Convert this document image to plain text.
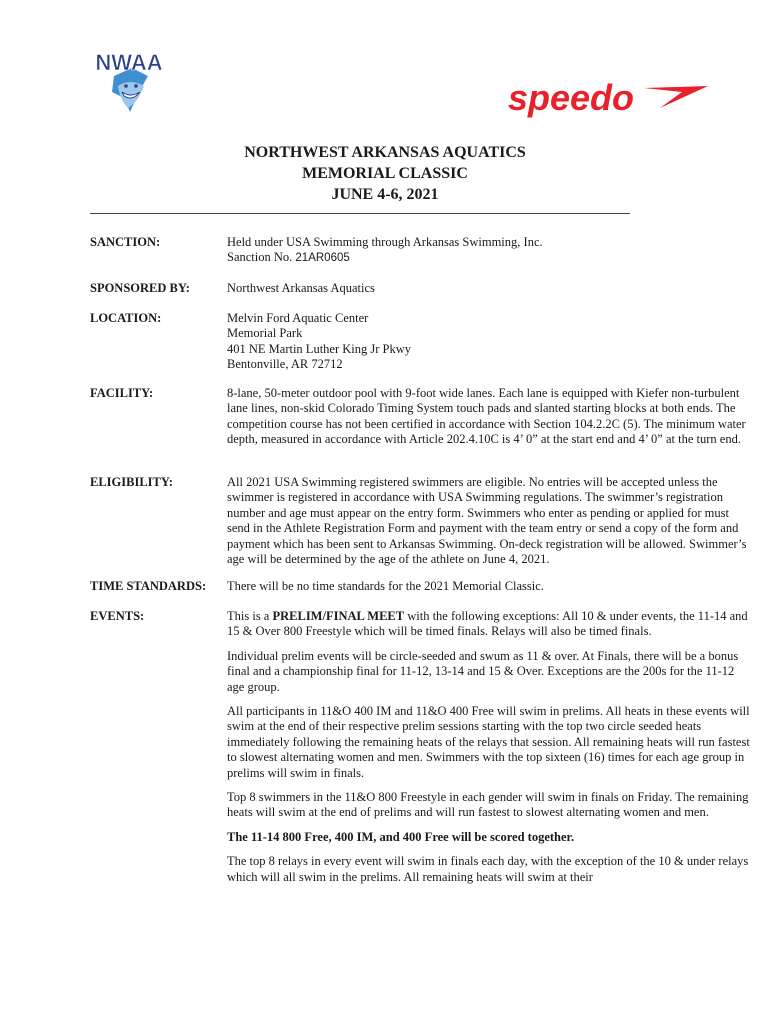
NWAA
speedo
NORTHWEST ARKANSAS AQUATICS
MEMORIAL CLASSIC
JUNE 4-6, 2021
SANCTION:	Held under USA Swimming through Arkansas Swimming, Inc.
Sanction No. 21AR0605
SPONSORED BY:	Northwest Arkansas Aquatics
LOCATION:	Melvin Ford Aquatic Center
Memorial Park
401 NE Martin Luther King Jr Pkwy
Bentonville, AR 72712
FACILITY:	8-lane, 50-meter outdoor pool with 9-foot wide lanes. Each lane is equipped with Kiefer non-turbulent lane lines, non-skid Colorado Timing System touch pads and slanted starting blocks at both ends. The competition course has not been certified in accordance with Section 104.2.2C (5). The minimum water depth, measured in accordance with Article 202.4.10C is 4’ 0” at the start end and 4’ 0” at the turn end.
ELIGIBILITY:	All 2021 USA Swimming registered swimmers are eligible. No entries will be accepted unless the swimmer is registered in accordance with USA Swimming regulations. The swimmer’s registration number and age must appear on the entry form. Swimmers who enter as pending or applied for must send in the Athlete Registration Form and payment with the team entry or send a copy of the form and payment which has been sent to Arkansas Swimming. On-deck registration will be allowed. Swimmer’s age will be determined by the age of the athlete on June 4, 2021.
TIME STANDARDS:	There will be no time standards for the 2021 Memorial Classic.
EVENTS:	This is a PRELIM/FINAL MEET with the following exceptions: All 10 & under events, the 11-14 and 15 & Over 800 Freestyle which will be timed finals. Relays will also be timed finals.

Individual prelim events will be circle-seeded and swum as 11 & over. At Finals, there will be a bonus final and a championship final for 11-12, 13-14 and 15 & Over. Exceptions are the 200s for the 11-12 age group.

All participants in 11&O 400 IM and 11&O 400 Free will swim in prelims. All heats in these events will swim at the end of their respective prelim sessions starting with the top two circle seeded heats immediately following the remaining heats of the relays that session. All remaining heats will run fastest to slowest alternating women and men. Swimmers with the top sixteen (16) times for each age group in prelims will swim in finals.

Top 8 swimmers in the 11&O 800 Freestyle in each gender will swim in finals on Friday. The remaining heats will swim at the end of prelims and will run fastest to slowest alternating women and men.

The 11-14 800 Free, 400 IM, and 400 Free will be scored together.

The top 8 relays in every event will swim in finals each day, with the exception of the 10 & under relays which will all swim in the prelims. All remaining heats will swim at their
